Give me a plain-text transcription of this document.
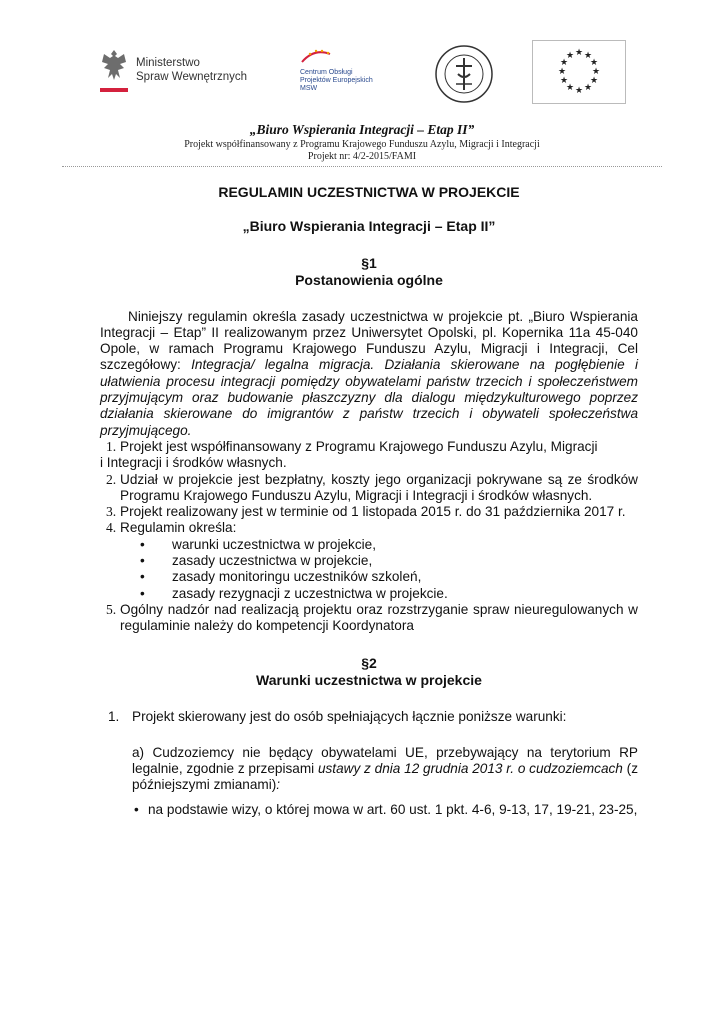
Ministerstwo
Spraw Wewnętrznych	Centrum Obsługi
Projektów Europejskich
MSW
★ ★
★
★
★
★
★
★
★
★
★
★
„Biuro Wspierania Integracji – Etap II”
Projekt współfinansowany z Programu Krajowego Funduszu Azylu, Migracji i Integracji
Projekt nr: 4/2-2015/FAMI
REGULAMIN UCZESTNICTWA W PROJEKCIE
„Biuro Wspierania Integracji – Etap II”
§1
Postanowienia ogólne
Niniejszy regulamin określa zasady uczestnictwa w projekcie pt. „Biuro Wspierania Integracji – Etap” II realizowanym przez Uniwersytet Opolski, pl. Kopernika 11a 45-040 Opole, w ramach Programu Krajowego Funduszu Azylu, Migracji i Integracji, Cel szczegółowy: Integracja/ legalna migracja. Działania skierowane na pogłębienie i ułatwienia procesu integracji pomiędzy obywatelami państw trzecich i społeczeństwem przyjmującym oraz budowanie płaszczyzny dla dialogu międzykulturowego poprzez działania skierowane do imigrantów z państw trzecich i obywateli społeczeństwa przyjmującego.
1. Projekt jest współfinansowany z Programu Krajowego Funduszu Azylu, Migracji
i Integracji i środków własnych.
2. Udział w projekcie jest bezpłatny, koszty jego organizacji pokrywane są ze środków Programu Krajowego Funduszu Azylu, Migracji i Integracji i środków własnych.
3. Projekt realizowany jest w terminie od 1 listopada 2015 r. do 31 października 2017 r.
4. Regulamin określa:
•	warunki uczestnictwa w projekcie,
•	zasady uczestnictwa w projekcie,
•	zasady monitoringu uczestników szkoleń,
•	zasady rezygnacji z uczestnictwa w projekcie.
5. Ogólny nadzór nad realizacją projektu oraz rozstrzyganie spraw nieuregulowanych w regulaminie należy do kompetencji Koordynatora
§2
Warunki uczestnictwa w projekcie
1. Projekt skierowany jest do osób spełniających łącznie poniższe warunki:
a) Cudzoziemcy nie będący obywatelami UE, przebywający na terytorium RP legalnie, zgodnie z przepisami ustawy z dnia 12 grudnia 2013 r. o cudzoziemcach (z późniejszymi zmianami):
• na podstawie wizy, o której mowa w art. 60 ust. 1 pkt. 4-6, 9-13, 17, 19-21, 23-25,
